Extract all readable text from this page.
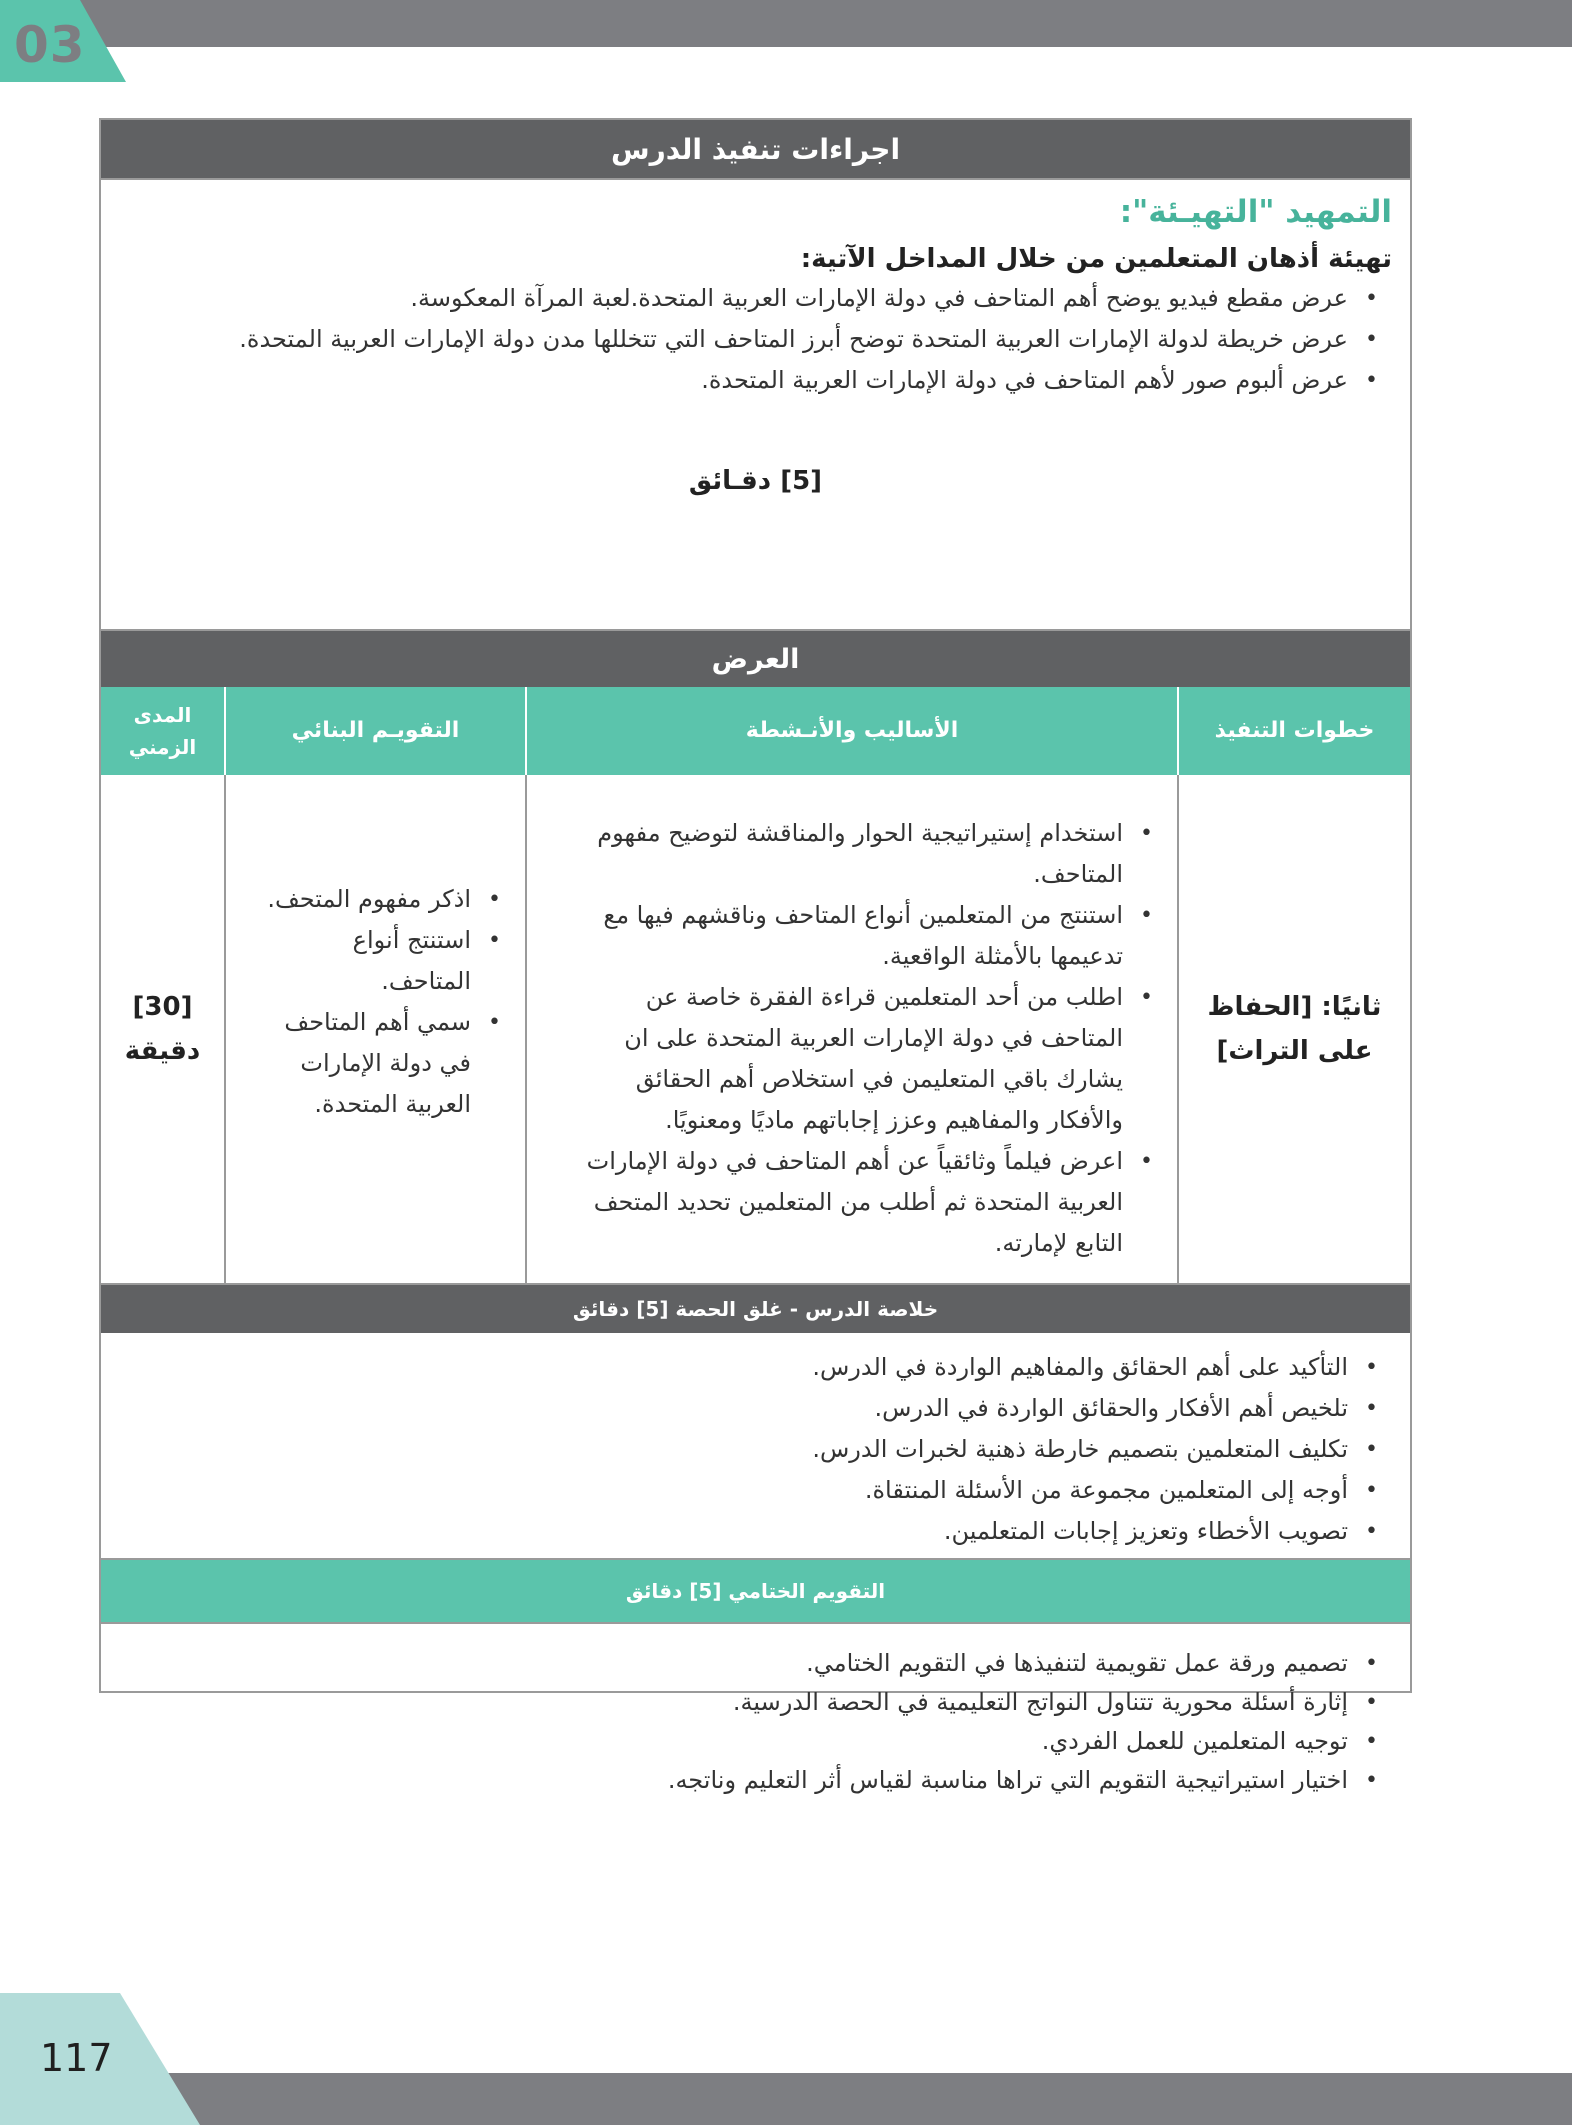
03
اجراءات تنفيذ الدرس
التمهيد "التهيـئة":
تهيئة أذهان المتعلمين من خلال المداخل الآتية:
• عرض مقطع فيديو يوضح أهم المتاحف في دولة الإمارات العربية المتحدة.لعبة المرآة المعكوسة.
• عرض خريطة لدولة الإمارات العربية المتحدة توضح أبرز المتاحف التي تتخللها مدن دولة الإمارات العربية المتحدة.
• عرض ألبوم صور لأهم المتاحف في دولة الإمارات العربية المتحدة.
[5] دقـائق
العرض
خطوات التنفيذ
الأساليب والأنـشطة
التقويـم البنائي
المدى الزمني
ثانيًا: [الحفاظ على التراث]
• استخدام إستيراتيجية الحوار والمناقشة لتوضيح مفهوم المتاحف.
• استنتج من المتعلمين أنواع المتاحف وناقشهم فيها مع تدعيمها بالأمثلة الواقعية.
• اطلب من أحد المتعلمين قراءة الفقرة خاصة عن المتاحف في دولة الإمارات العربية المتحدة على ان يشارك باقي المتعليمن في استخلاص أهم الحقائق والأفكار والمفاهيم وعزز إجاباتهم ماديًا ومعنويًا.
• اعرض فيلماً وثائقياً عن أهم المتاحف في دولة الإمارات العربية المتحدة ثم أطلب من المتعلمين تحديد المتحف التابع لإمارته.
• اذكر مفهوم المتحف.
• استنتج أنواع المتاحف.
• سمي أهم المتاحف في دولة الإمارات العربية المتحدة.
[30] دقيقة
خلاصة الدرس - غلق الحصة [5] دقائق
• التأكيد على أهم الحقائق والمفاهيم الواردة في الدرس.
• تلخيص أهم الأفكار والحقائق الواردة في الدرس.
• تكليف المتعلمين بتصميم خارطة ذهنية لخبرات الدرس.
• أوجه إلى المتعلمين مجموعة من الأسئلة المنتقاة.
• تصويب الأخطاء وتعزيز إجابات المتعلمين.
التقويم الختامي [5] دقائق
• تصميم ورقة عمل تقويمية لتنفيذها في التقويم الختامي.
• إثارة أسئلة محورية تتناول النواتج التعليمية في الحصة الدرسية.
• توجيه المتعلمين للعمل الفردي.
• اختيار استيراتيجية التقويم التي تراها مناسبة لقياس أثر التعليم وناتجه.
117
